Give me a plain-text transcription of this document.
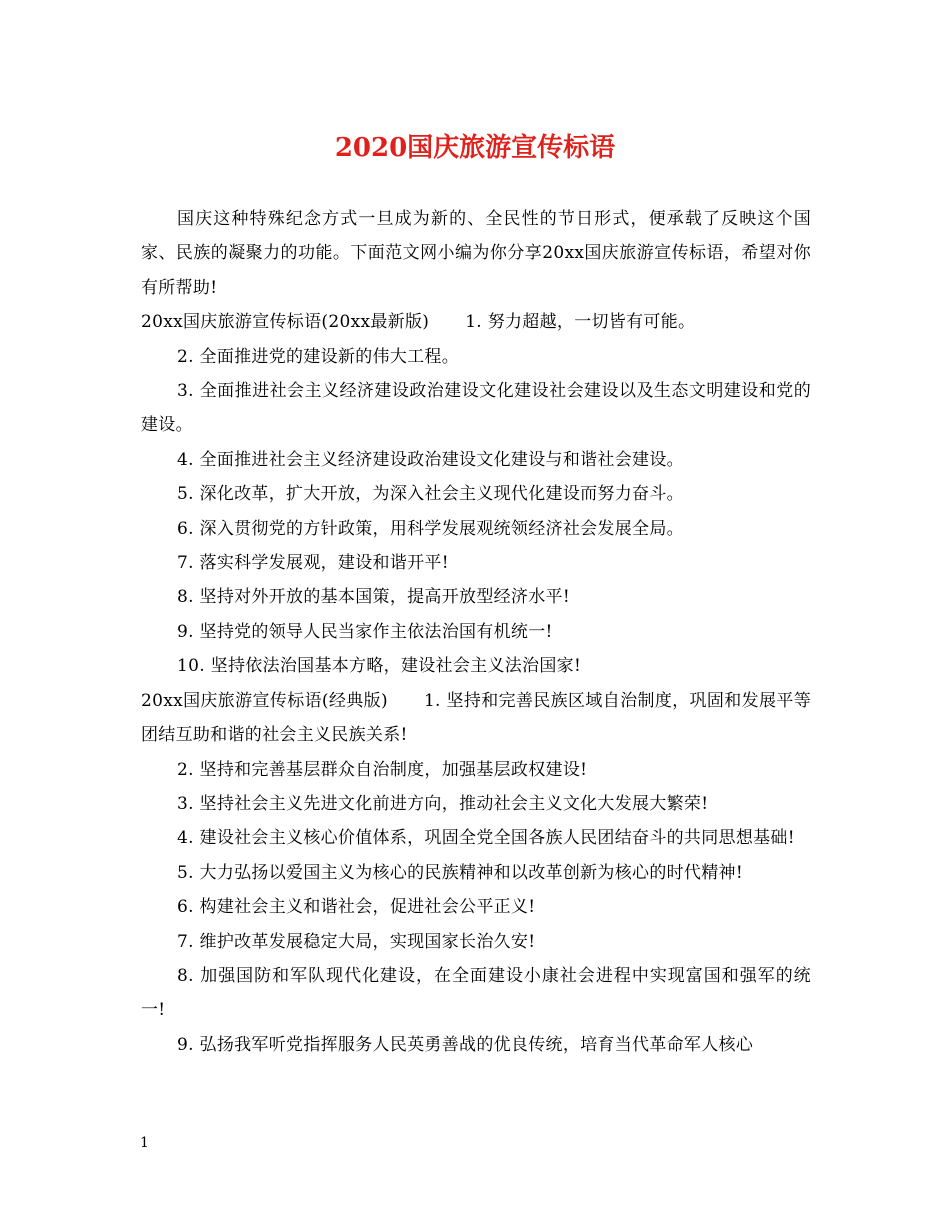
2020国庆旅游宣传标语

国庆这种特殊纪念方式一旦成为新的、全民性的节日形式，便承载了反映这个国家、民族的凝聚力的功能。下面范文网小编为你分享20xx国庆旅游宣传标语，希望对你有所帮助!

20xx国庆旅游宣传标语(20xx最新版) 1. 努力超越，一切皆有可能。

2. 全面推进党的建设新的伟大工程。

3. 全面推进社会主义经济建设政治建设文化建设社会建设以及生态文明建设和党的建设。

4. 全面推进社会主义经济建设政治建设文化建设与和谐社会建设。

5. 深化改革，扩大开放，为深入社会主义现代化建设而努力奋斗。

6. 深入贯彻党的方针政策，用科学发展观统领经济社会发展全局。

7. 落实科学发展观，建设和谐开平!

8. 坚持对外开放的基本国策，提高开放型经济水平!

9. 坚持党的领导人民当家作主依法治国有机统一!

10. 坚持依法治国基本方略，建设社会主义法治国家!

20xx国庆旅游宣传标语(经典版) 1. 坚持和完善民族区域自治制度，巩固和发展平等团结互助和谐的社会主义民族关系!

2. 坚持和完善基层群众自治制度，加强基层政权建设!

3. 坚持社会主义先进文化前进方向，推动社会主义文化大发展大繁荣!

4. 建设社会主义核心价值体系，巩固全党全国各族人民团结奋斗的共同思想基础!

5. 大力弘扬以爱国主义为核心的民族精神和以改革创新为核心的时代精神!

6. 构建社会主义和谐社会，促进社会公平正义!

7. 维护改革发展稳定大局，实现国家长治久安!

8. 加强国防和军队现代化建设，在全面建设小康社会进程中实现富国和强军的统一!

9. 弘扬我军听党指挥服务人民英勇善战的优良传统，培育当代革命军人核心

1
